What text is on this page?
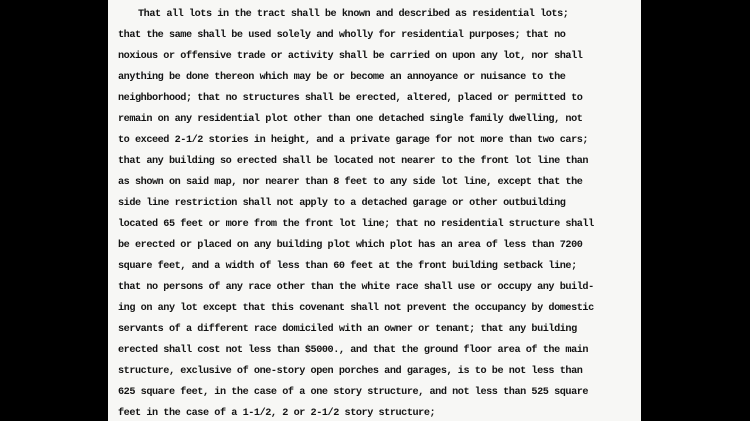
That all lots in the tract shall be known and described as residential lots;
that the same shall be used solely and wholly for residential purposes; that no
noxious or offensive trade or activity shall be carried on upon any lot, nor shall
anything be done thereon which may be or become an annoyance or nuisance to the
neighborhood; that no structures shall be erected, altered, placed or permitted to
remain on any residential plot other than one detached single family dwelling, not
to exceed 2-1/2 stories in height, and a private garage for not more than two cars;
that any building so erected shall be located not nearer to the front lot line than
as shown on said map, nor nearer than 8 feet to any side lot line, except that the
side line restriction shall not apply to a detached garage or other outbuilding
located 65 feet or more from the front lot line; that no residential structure shall
be erected or placed on any building plot which plot has an area of less than 7200
square feet, and a width of less than 60 feet at the front building setback line;
that no persons of any race other than the white race shall use or occupy any build-
ing on any lot except that this covenant shall not prevent the occupancy by domestic
servants of a different race domiciled with an owner or tenant; that any building
erected shall cost not less than $5000., and that the ground floor area of the main
structure, exclusive of one-story open porches and garages, is to be not less than
625 square feet, in the case of a one story structure, and not less than 525 square
feet in the case of a 1-1/2, 2 or 2-1/2 story structure;
